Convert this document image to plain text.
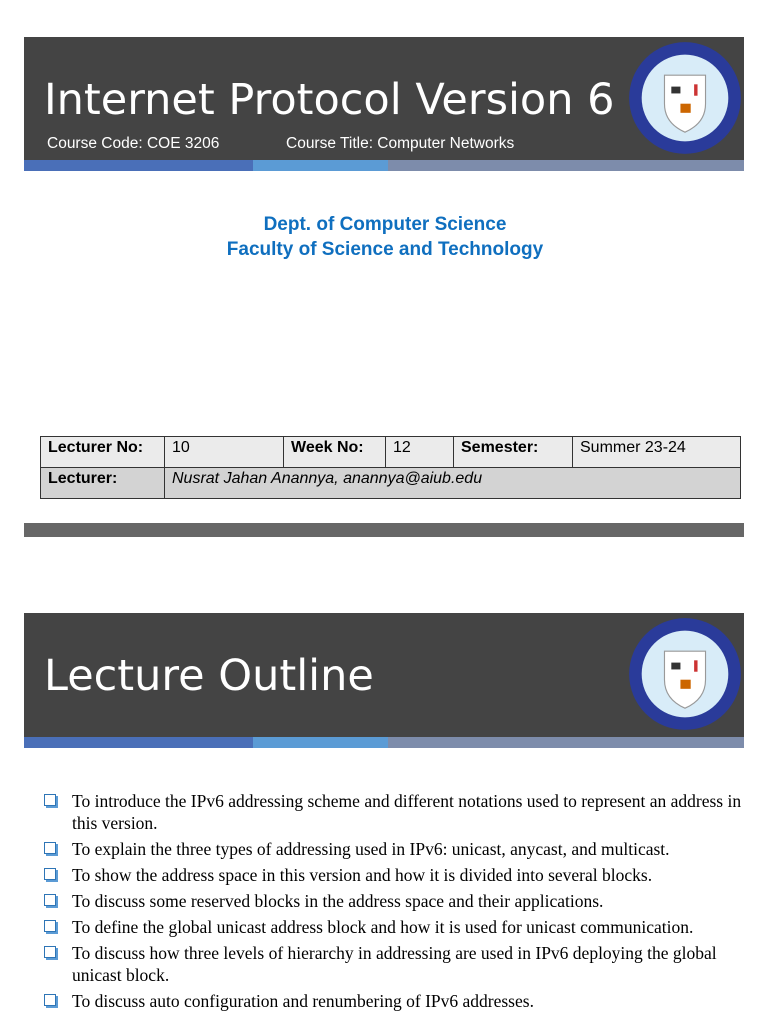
Internet Protocol Version 6
Course Code: COE 3206	Course Title: Computer Networks
Dept. of Computer Science
Faculty of Science and Technology
Lecturer No:	10	Week No:	12	Semester:	Summer 23-24
Lecturer:	Nusrat Jahan Anannya, anannya@aiub.edu				
Lecture Outline
To introduce the IPv6 addressing scheme and different notations used to represent an address in this version.
To explain the three types of addressing used in IPv6: unicast, anycast, and multicast.
To show the address space in this version and how it is divided into several blocks.
To discuss some reserved blocks in the address space and their applications.
To define the global unicast address block and how it is used for unicast communication.
To discuss how three levels of hierarchy in addressing are used in IPv6 deploying the global unicast block.
To discuss auto configuration and renumbering of IPv6 addresses.
